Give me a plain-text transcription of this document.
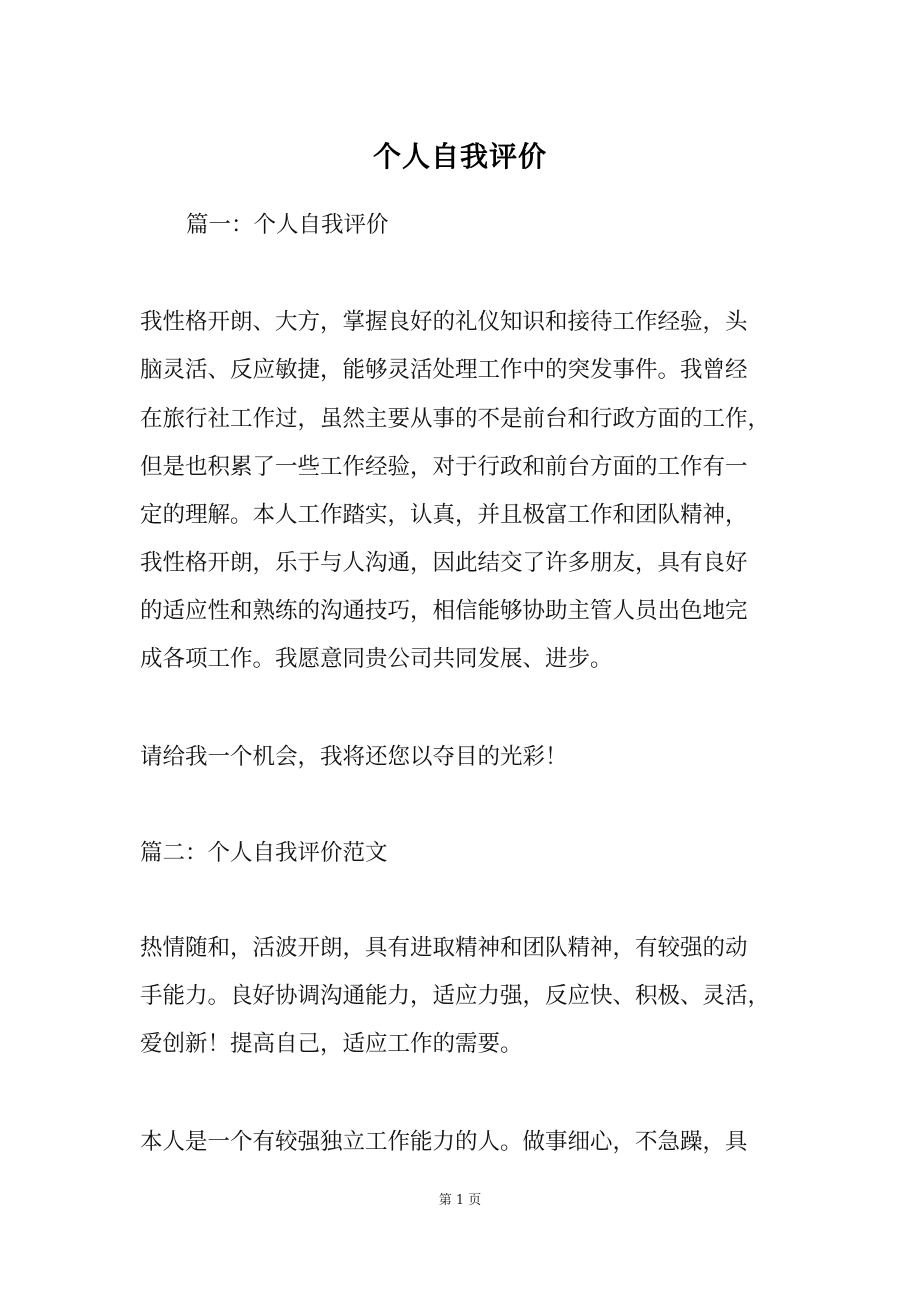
个人自我评价
篇一：个人自我评价
我性格开朗、大方，掌握良好的礼仪知识和接待工作经验，头
脑灵活、反应敏捷，能够灵活处理工作中的突发事件。我曾经
在旅行社工作过，虽然主要从事的不是前台和行政方面的工作，
但是也积累了一些工作经验，对于行政和前台方面的工作有一
定的理解。本人工作踏实，认真，并且极富工作和团队精神，
我性格开朗，乐于与人沟通，因此结交了许多朋友，具有良好
的适应性和熟练的沟通技巧，相信能够协助主管人员出色地完
成各项工作。我愿意同贵公司共同发展、进步。
请给我一个机会，我将还您以夺目的光彩！
篇二：个人自我评价范文
热情随和，活波开朗，具有进取精神和团队精神，有较强的动
手能力。良好协调沟通能力，适应力强，反应快、积极、灵活，
爱创新！提高自己，适应工作的需要。
本人是一个有较强独立工作能力的人。做事细心，不急躁，具
第 1 页
